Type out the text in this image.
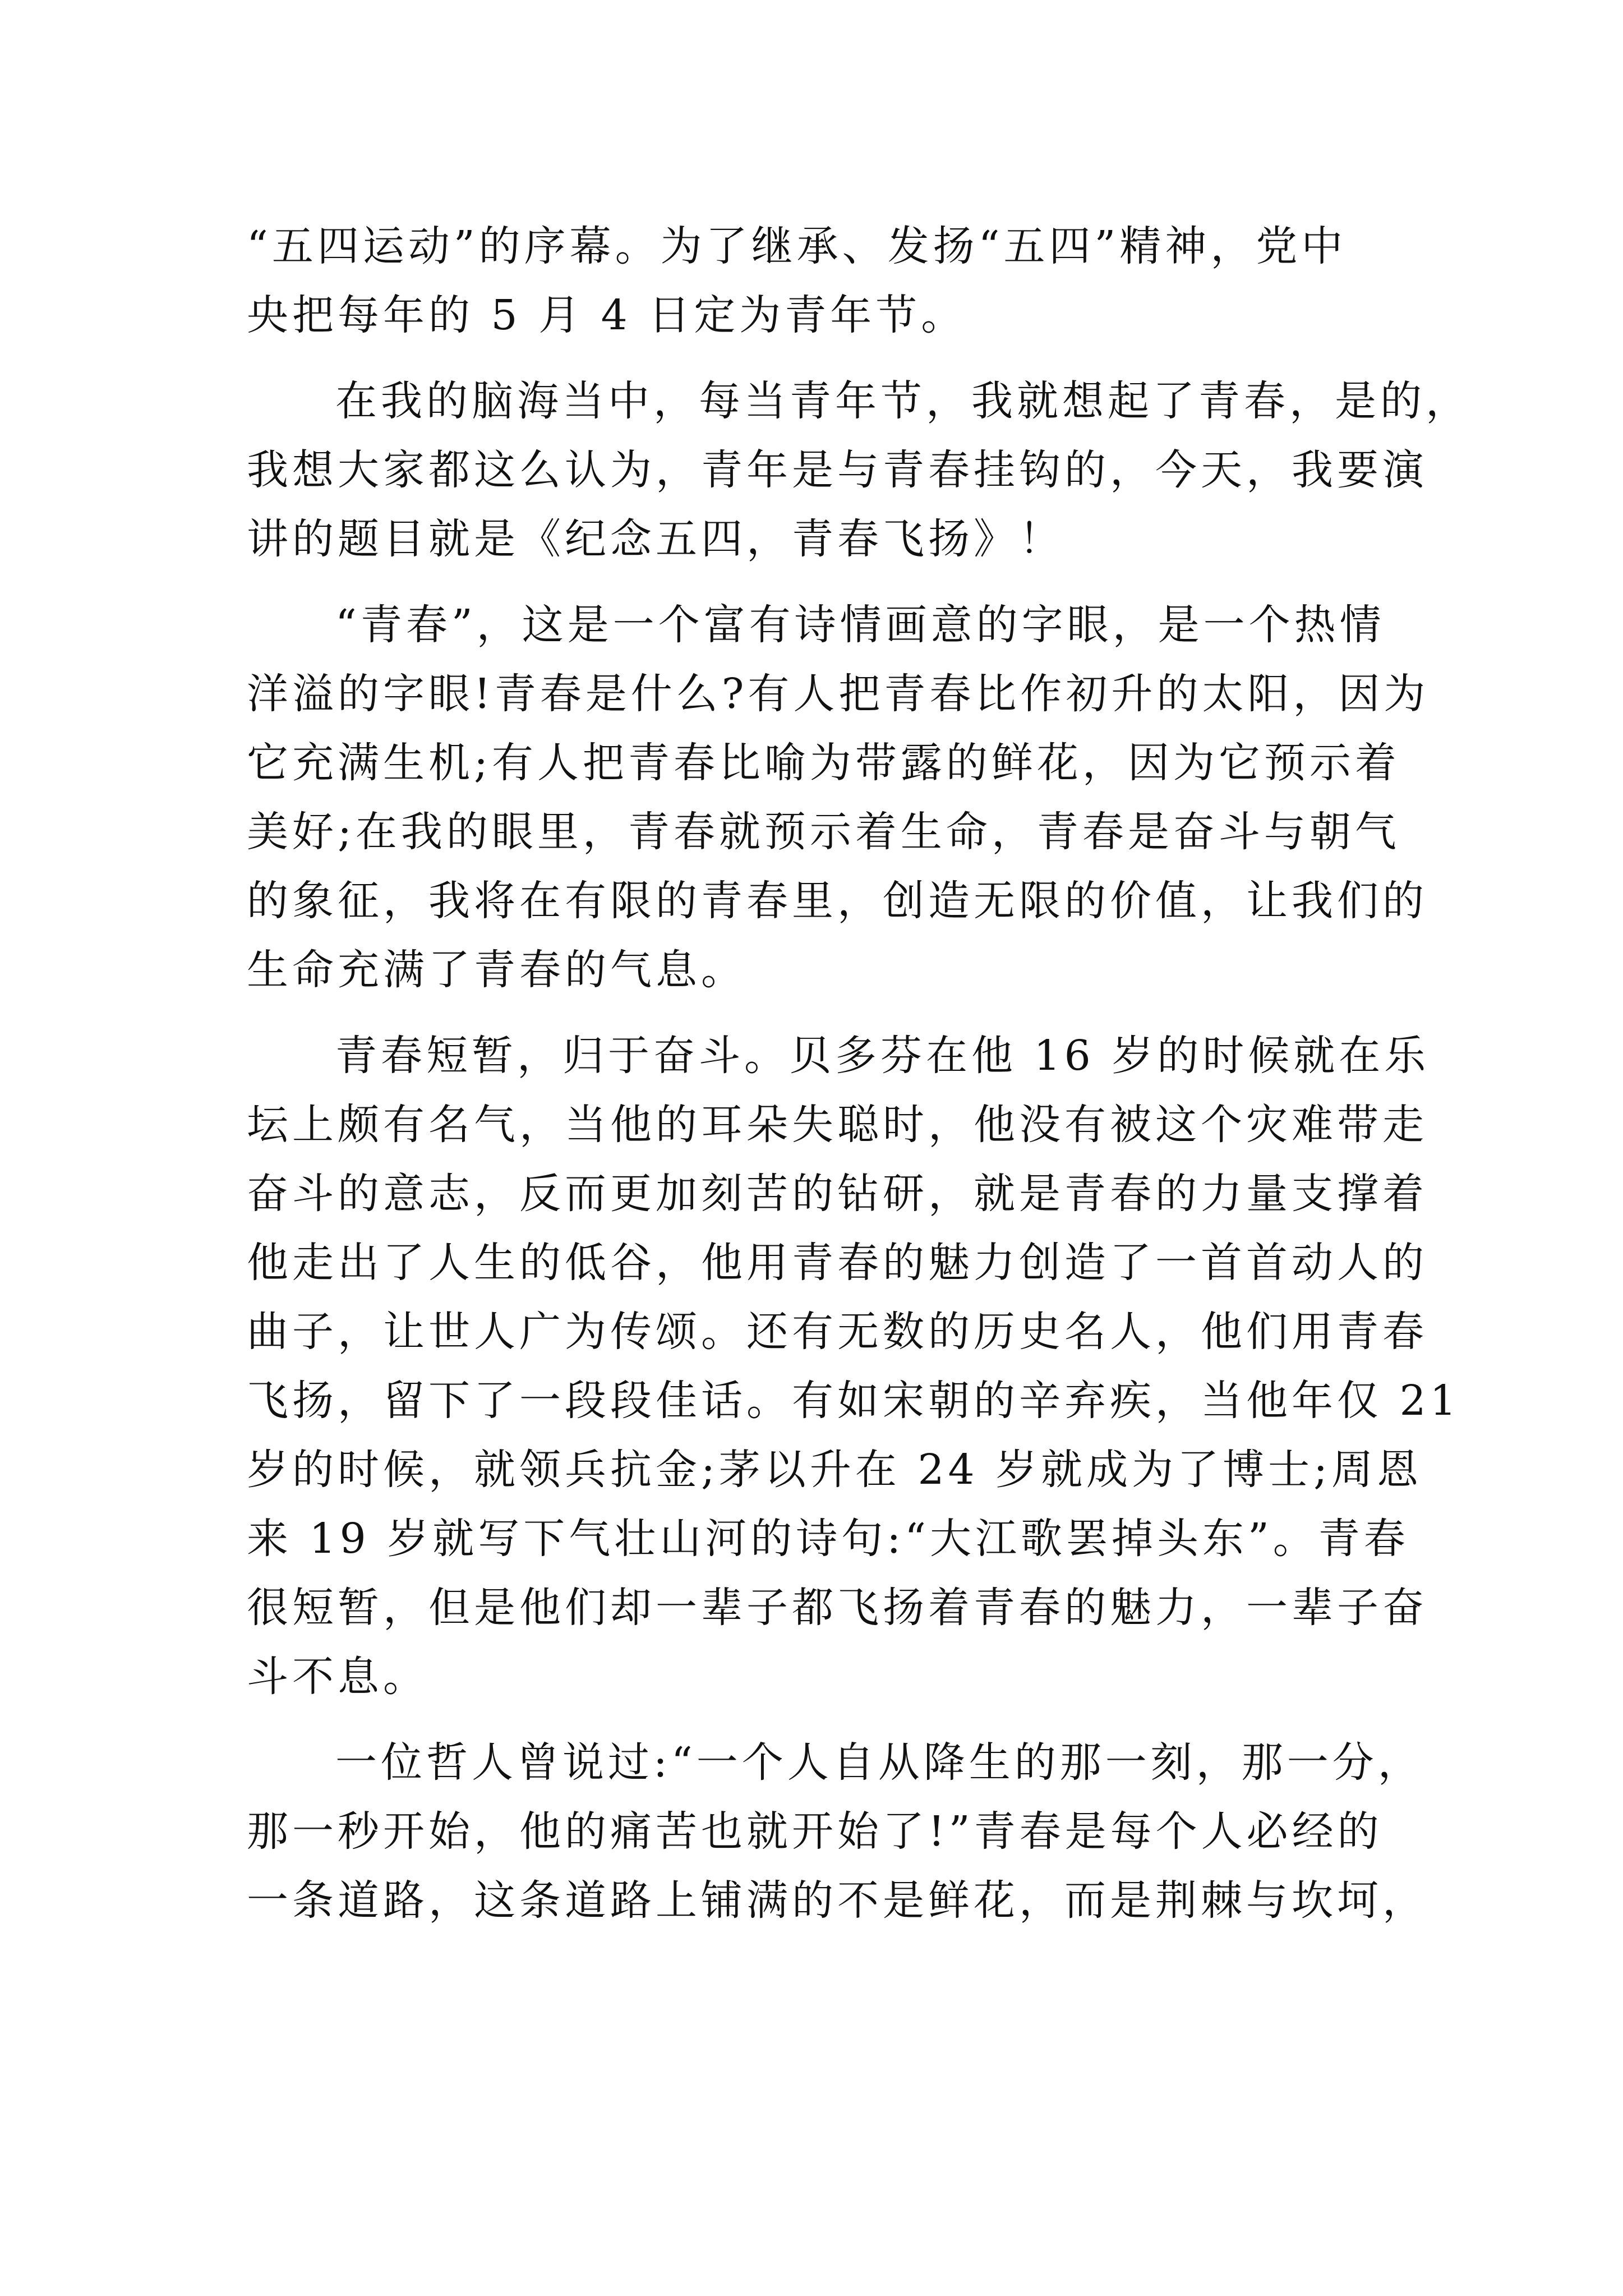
“五四运动”的序幕。为了继承、发扬“五四”精神，党中
央把每年的 5 月 4 日定为青年节。
在我的脑海当中，每当青年节，我就想起了青春，是的，
我想大家都这么认为，青年是与青春挂钩的，今天，我要演
讲的题目就是《纪念五四，青春飞扬》！
“青春”，这是一个富有诗情画意的字眼，是一个热情
洋溢的字眼!青春是什么?有人把青春比作初升的太阳，因为
它充满生机;有人把青春比喻为带露的鲜花，因为它预示着
美好;在我的眼里，青春就预示着生命，青春是奋斗与朝气
的象征，我将在有限的青春里，创造无限的价值，让我们的
生命充满了青春的气息。
青春短暂，归于奋斗。贝多芬在他 16 岁的时候就在乐
坛上颇有名气，当他的耳朵失聪时，他没有被这个灾难带走
奋斗的意志，反而更加刻苦的钻研，就是青春的力量支撑着
他走出了人生的低谷，他用青春的魅力创造了一首首动人的
曲子，让世人广为传颂。还有无数的历史名人，他们用青春
飞扬，留下了一段段佳话。有如宋朝的辛弃疾，当他年仅 21
岁的时候，就领兵抗金;茅以升在 24 岁就成为了博士;周恩
来 19 岁就写下气壮山河的诗句:“大江歌罢掉头东”。青春
很短暂，但是他们却一辈子都飞扬着青春的魅力，一辈子奋
斗不息。
一位哲人曾说过:“一个人自从降生的那一刻，那一分，
那一秒开始，他的痛苦也就开始了!”青春是每个人必经的
一条道路，这条道路上铺满的不是鲜花，而是荆棘与坎坷，
